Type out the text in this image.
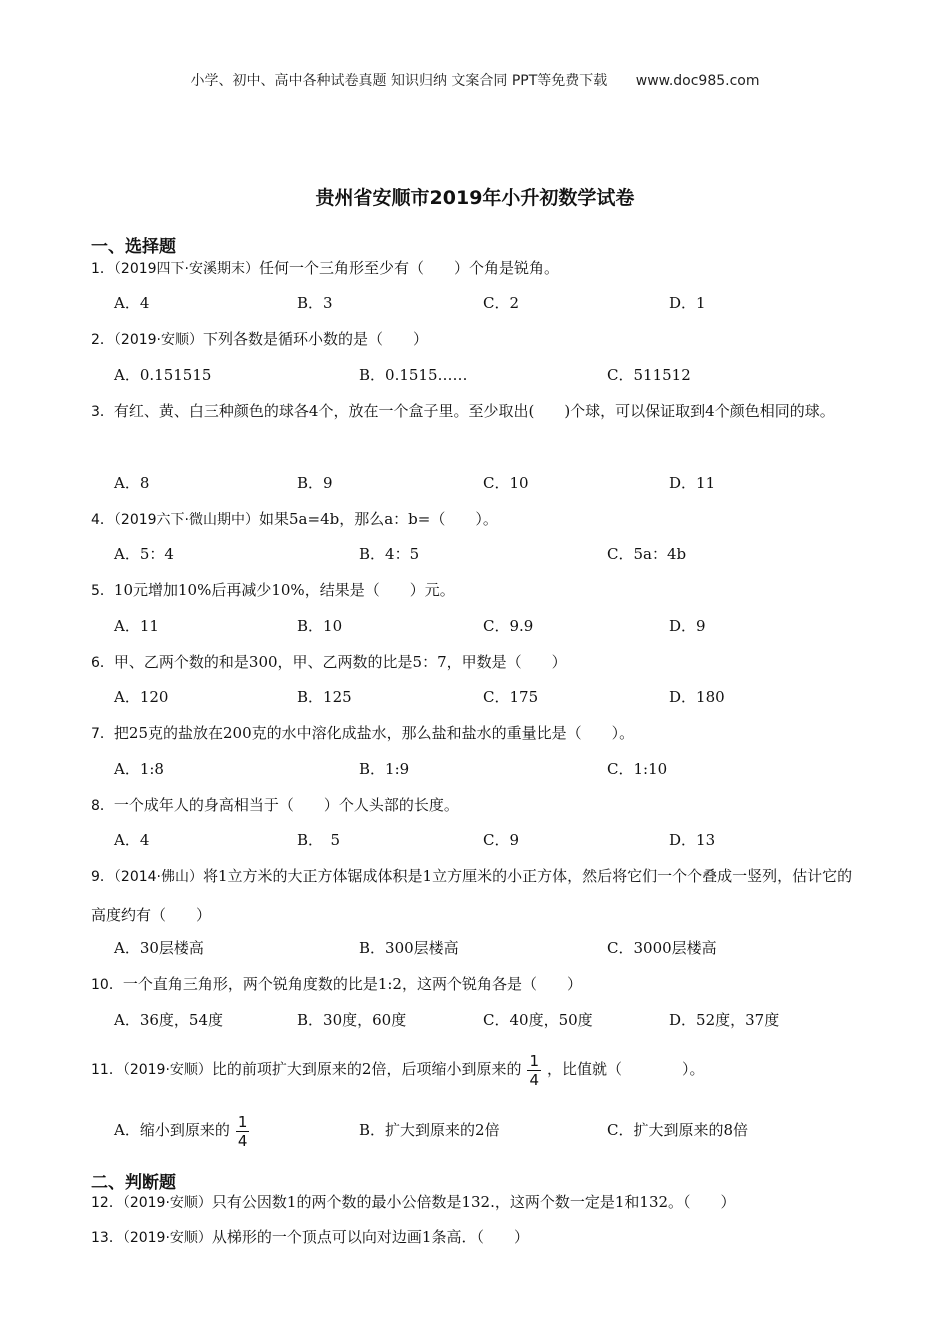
小学、初中、高中各种试卷真题 知识归纳 文案合同 PPT等免费下载 www.doc985.com
贵州省安顺市2019年小升初数学试卷
一、选择题
1．（2019四下·安溪期末）任何一个三角形至少有（　　）个角是锐角。
A．4	B．3	C．2	D．1
2．（2019·安顺）下列各数是循环小数的是（　　）
A．0.151515	B．0.1515……	C．511512
3．有红、黄、白三种颜色的球各4个，放在一个盒子里。至少取出(　　)个球，可以保证取到4个颜色相同的球。
A．8	B．9	C．10	D．11
4．（2019六下·微山期中）如果5a=4b，那么a：b=（　　）。
A．5：4	B．4：5	C．5a：4b
5．10元增加10%后再减少10%，结果是（　　）元。
A．11	B．10	C．9.9	D．9
6．甲、乙两个数的和是300，甲、乙两数的比是5：7，甲数是（　　）
A．120	B．125	C．175	D．180
7．把25克的盐放在200克的水中溶化成盐水，那么盐和盐水的重量比是（　　）。
A．1:8	B．1:9	C．1:10
8．一个成年人的身高相当于（　　）个人头部的长度。
A．4	B．　5	C．9	D．13
9．（2014·佛山）将1立方米的大正方体锯成体积是1立方厘米的小正方体，然后将它们一个个叠成一竖列，估计它的高度约有（　　）
A．30层楼高	B．300层楼高	C．3000层楼高
10．一个直角三角形，两个锐角度数的比是1:2，这两个锐角各是（　　）
A．36度，54度	B．30度，60度	C．40度，50度	D．52度，37度
11．（2019·安顺）比的前项扩大到原来的2倍，后项缩小到原来的 $\frac{1}{4}$ ，比值就（　　　　）。
A．缩小到原来的 $\frac{1}{4}$	B．扩大到原来的2倍	C．扩大到原来的8倍
二、判断题
12．（2019·安顺）只有公因数1的两个数的最小公倍数是132.，这两个数一定是1和132。（　　）
13．（2019·安顺）从梯形的一个顶点可以向对边画1条高．（　　）
